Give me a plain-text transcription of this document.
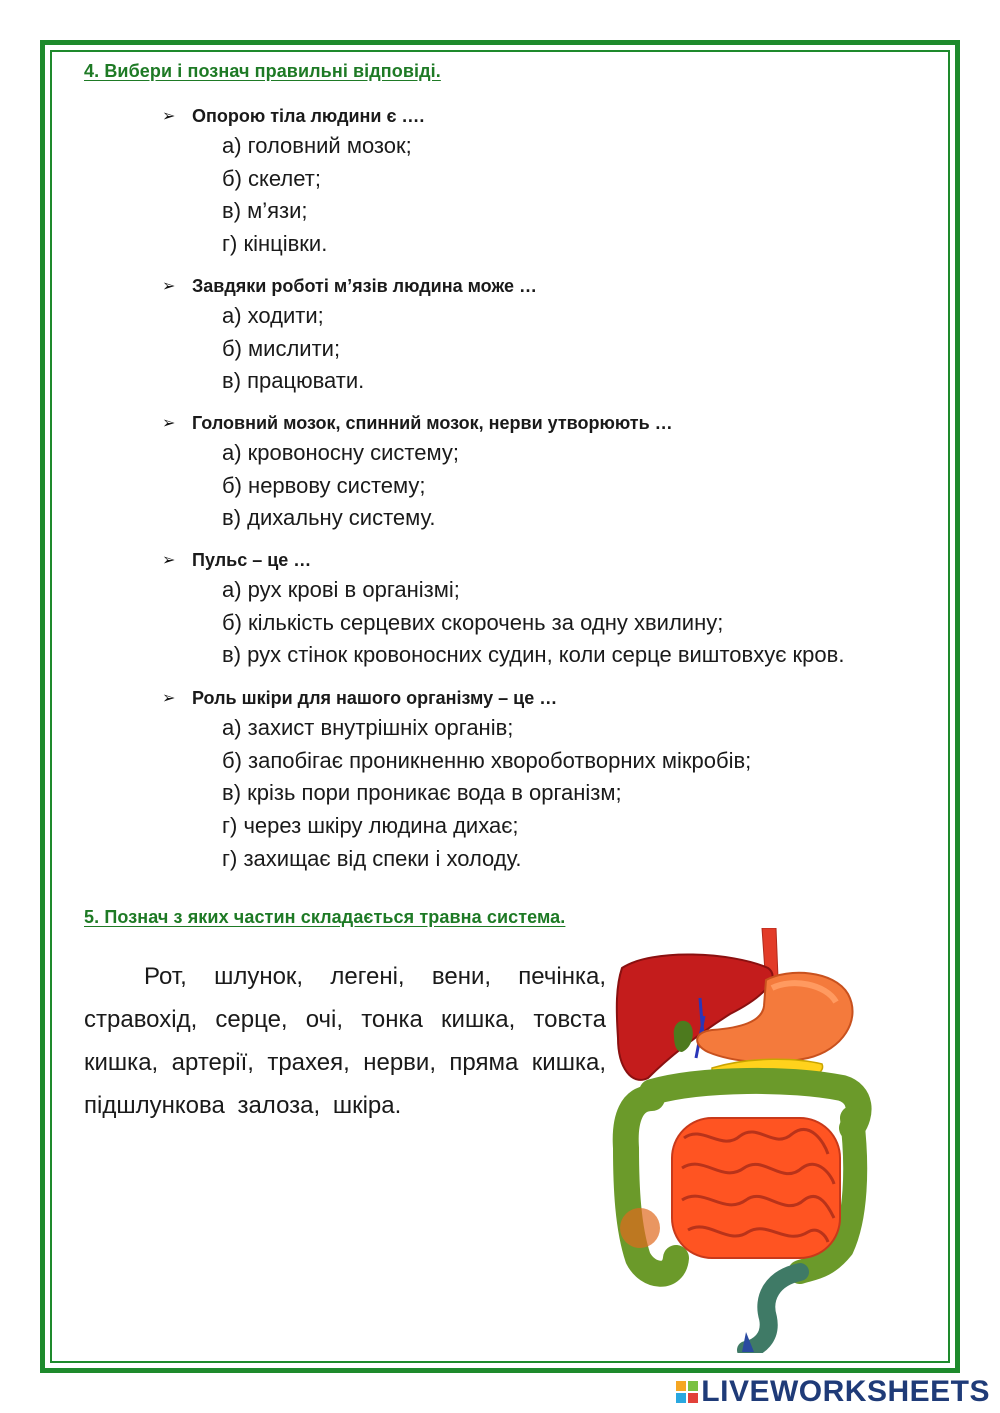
4. Вибери і познач правильні відповіді.
➢ Опорою тіла людини є ….
а) головний мозок;
б) скелет;
в) м’язи;
г) кінцівки.
➢ Завдяки роботі м’язів людина може …
а) ходити;
б) мислити;
в) працювати.
➢ Головний мозок, спинний мозок, нерви утворюють …
а) кровоносну систему;
б) нервову систему;
в) дихальну систему.
➢ Пульс – це …
а) рух крові в організмі;
б) кількість серцевих скорочень за одну хвилину;
в) рух стінок кровоносних судин, коли серце виштовхує кров.
➢ Роль шкіри для нашого організму – це …
а) захист внутрішніх органів;
б) запобігає проникненню хвороботворних мікробів;
в) крізь пори проникає вода в організм;
г) через шкіру людина дихає;
г) захищає від спеки і холоду.
5. Познач з яких частин складається травна система.
Рот, шлунок, легені, вени, печінка, стравохід, серце, очі, тонка кишка, товста кишка, артерії, трахея, нерви, пряма кишка, підшлункова залоза, шкіра.
LIVEWORKSHEETS
